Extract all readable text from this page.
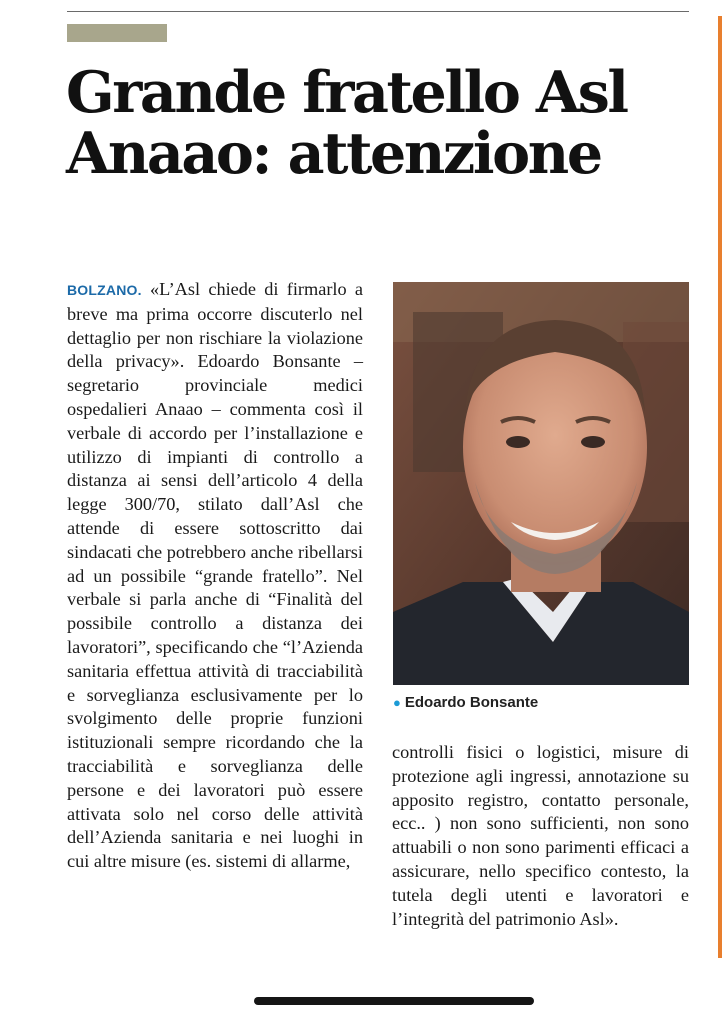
Grande fratello Asl
Anaao: attenzione
BOLZANO. «L’Asl chiede di firmarlo a breve ma prima occorre discuterlo nel dettaglio per non rischiare la violazione della privacy». Edoardo Bonsante – segretario provinciale medici ospedalieri Anaao – commenta così il verbale di accordo per l’installazione e utilizzo di impianti di controllo a distanza ai sensi dell’articolo 4 della legge 300/70, stilato dall’Asl che attende di essere sottoscritto dai sindacati che potrebbero anche ribellarsi ad un possibile “grande fratello”. Nel verbale si parla anche di “Finalità del possibile controllo a distanza dei lavoratori”, specificando che “l’Azienda sanitaria effettua attività di tracciabilità e sorveglianza esclusivamente per lo svolgimento delle proprie funzioni istituzionali sempre ricordando che la tracciabilità e sorveglianza delle persone e dei lavoratori può essere attivata solo nel corso delle attività dell’Azienda sanitaria e nei luoghi in cui altre misure (es. sistemi di allarme,
● Edoardo Bonsante
controlli fisici o logistici, misure di protezione agli ingressi, annotazione su apposito registro, contatto personale, ecc.. ) non sono sufficienti, non sono attuabili o non sono parimenti efficaci a assicurare, nello specifico contesto, la tutela degli utenti e lavoratori e l’integrità del patrimonio Asl».
